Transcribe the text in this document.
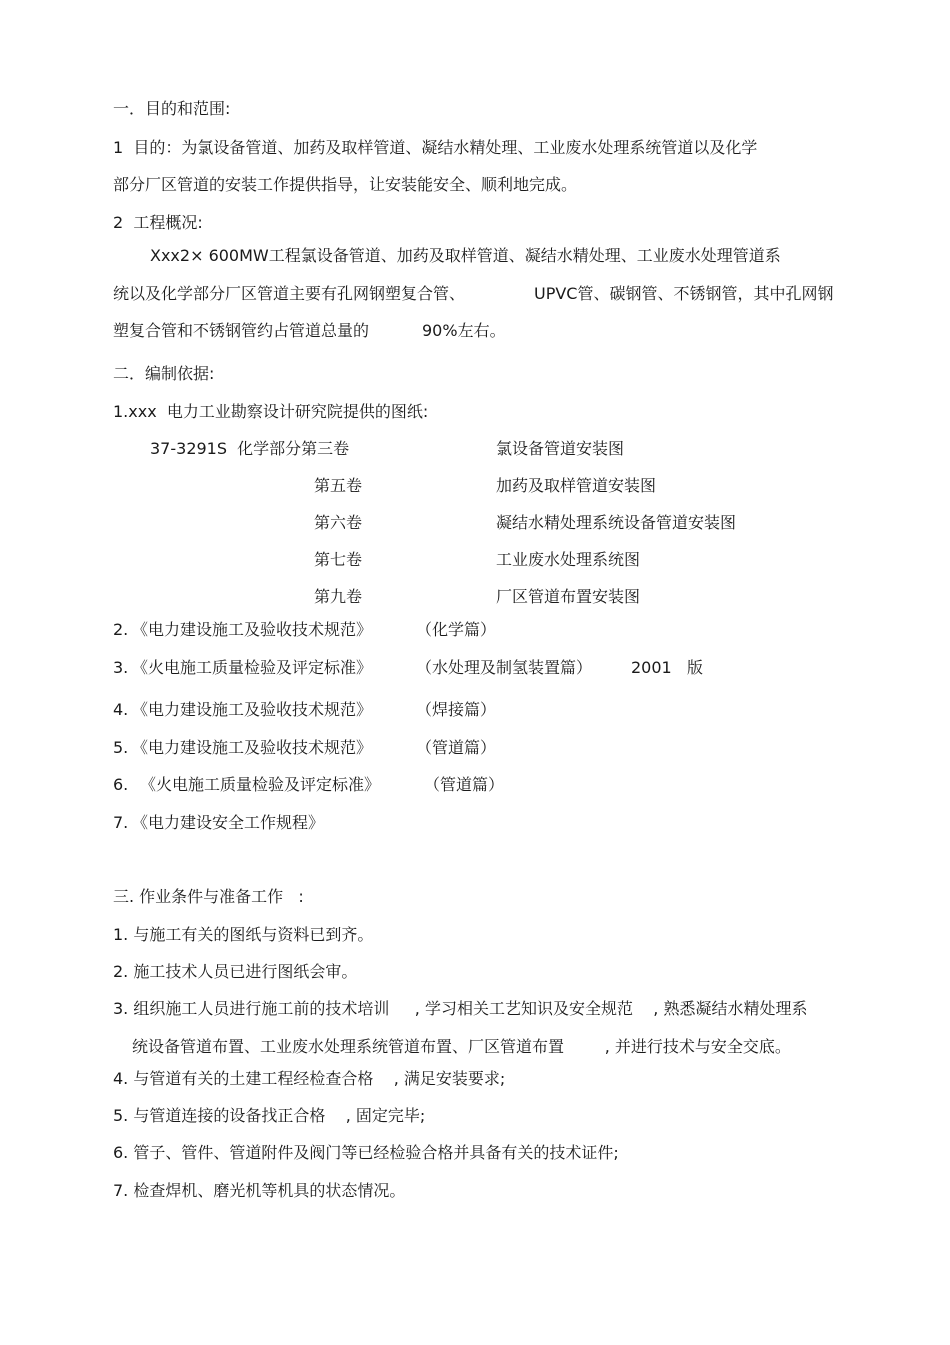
一．目的和范围:
1  目的：为氯设备管道、加药及取样管道、凝结水精处理、工业废水处理系统管道以及化学
部分厂区管道的安装工作提供指导，让安装能安全、顺利地完成。
2  工程概况:
Xxx2× 600MW工程氯设备管道、加药及取样管道、凝结水精处理、工业废水处理管道系
统以及化学部分厂区管道主要有孔网钢塑复合管、	UPVC管、碳钢管、不锈钢管，其中孔网钢
塑复合管和不锈钢管约占管道总量的	90%左右。
二．编制依据:
1.xxx  电力工业勘察设计研究院提供的图纸:
37-3291S  化学部分第三卷	氯设备管道安装图
第五卷	加药及取样管道安装图
第六卷	凝结水精处理系统设备管道安装图
第七卷	工业废水处理系统图
第九卷	厂区管道布置安装图
2. 《电力建设施工及验收技术规范》	（化学篇）
3. 《火电施工质量检验及评定标准》	（水处理及制氢装置篇） 2001   版
4. 《电力建设施工及验收技术规范》	（焊接篇）
5. 《电力建设施工及验收技术规范》	（管道篇）
6. 《火电施工质量检验及评定标准》	（管道篇）
7. 《电力建设安全工作规程》
三. 作业条件与准备工作   :
1. 与施工有关的图纸与资料已到齐。
2. 施工技术人员已进行图纸会审。
3. 组织施工人员进行施工前的技术培训     , 学习相关工艺知识及安全规范    , 熟悉凝结水精处理系
统设备管道布置、工业废水处理系统管道布置、厂区管道布置        , 并进行技术与安全交底。
4. 与管道有关的土建工程经检查合格    , 满足安装要求;
5. 与管道连接的设备找正合格    , 固定完毕;
6. 管子、管件、管道附件及阀门等已经检验合格并具备有关的技术证件;
7. 检查焊机、磨光机等机具的状态情况。
